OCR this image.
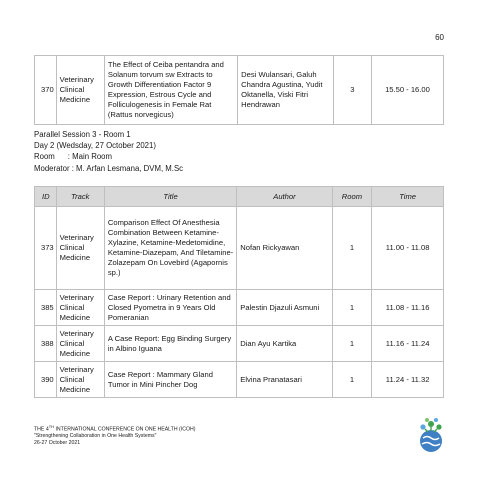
60
370	Veterinary Clinical Medicine	The Effect of Ceiba pentandra and Solanum torvum sw Extracts to Growth Differentiation Factor 9 Expression, Estrous Cycle and Folliculogenesis in Female Rat (Rattus norvegicus)	Desi Wulansari, Galuh Chandra Agustina, Yudit Oktanella, Viski Fitri Hendrawan	3	15.50 - 16.00
Parallel Session 3 - Room 1
Day 2 (Wedsday, 27 October 2021)
Room      : Main Room
Moderator : M. Arfan Lesmana, DVM, M.Sc
ID	Track	Title	Author	Room	Time
373	Veterinary Clinical Medicine	Comparison Effect Of Anesthesia Combination Between Ketamine-Xylazine, Ketamine-Medetomidine, Ketamine-Diazepam, And Tiletamine-Zolazepam On Lovebird (Agapornis sp.)	Nofan Rickyawan	1	11.00 - 11.08
385	Veterinary Clinical Medicine	Case Report : Urinary Retention and Closed Pyometra in 9 Years Old Pomeranian	Palestin Djazuli Asmuni	1	11.08 - 11.16
388	Veterinary Clinical Medicine	A Case Report: Egg Binding Surgery in Albino Iguana	Dian Ayu Kartika	1	11.16 - 11.24
390	Veterinary Clinical Medicine	Case Report : Mammary Gland Tumor in Mini Pincher Dog	Elvina Pranatasari	1	11.24 - 11.32
THE 4TH INTERNATIONAL CONFERENCE ON ONE HEALTH (ICOH)
"Strengthening Collaboration in One Health Systems"
26-27 October 2021
